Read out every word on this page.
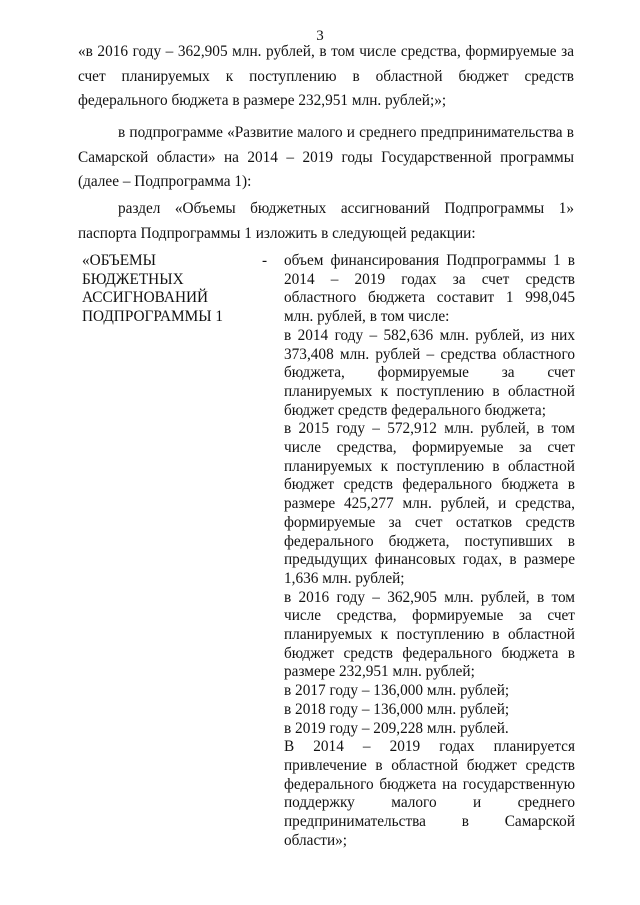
3

«в 2016 году – 362,905 млн. рублей, в том числе средства, формируемые за счет планируемых к поступлению в областной бюджет средств федерального бюджета в размере 232,951 млн. рублей;»;

в подпрограмме «Развитие малого и среднего предпринимательства в Самарской области» на 2014 – 2019 годы Государственной программы (далее – Подпрограмма 1):

раздел «Объемы бюджетных ассигнований Подпрограммы 1» паспорта Подпрограммы 1 изложить в следующей редакции:

«ОБЪЕМЫ БЮДЖЕТНЫХ АССИГНОВАНИЙ ПОДПРОГРАММЫ 1

- объем финансирования Подпрограммы 1 в 2014 – 2019 годах за счет средств областного бюджета составит 1 998,045 млн. рублей, в том числе:

в 2014 году – 582,636 млн. рублей, из них 373,408 млн. рублей – средства областного бюджета, формируемые за счет планируемых к поступлению в областной бюджет средств федерального бюджета;

в 2015 году – 572,912 млн. рублей, в том числе средства, формируемые за счет планируемых к поступлению в областной бюджет средств федерального бюджета в размере 425,277 млн. рублей, и средства, формируемые за счет остатков средств федерального бюджета, поступивших в предыдущих финансовых годах, в размере 1,636 млн. рублей;

в 2016 году – 362,905 млн. рублей, в том числе средства, формируемые за счет планируемых к поступлению в областной бюджет средств федерального бюджета в размере 232,951 млн. рублей;

в 2017 году – 136,000 млн. рублей;

в 2018 году – 136,000 млн. рублей;

в 2019 году – 209,228 млн. рублей.

В 2014 – 2019 годах планируется привлечение в областной бюджет средств федерального бюджета на государственную поддержку малого и среднего предпринимательства в Самарской области»;
